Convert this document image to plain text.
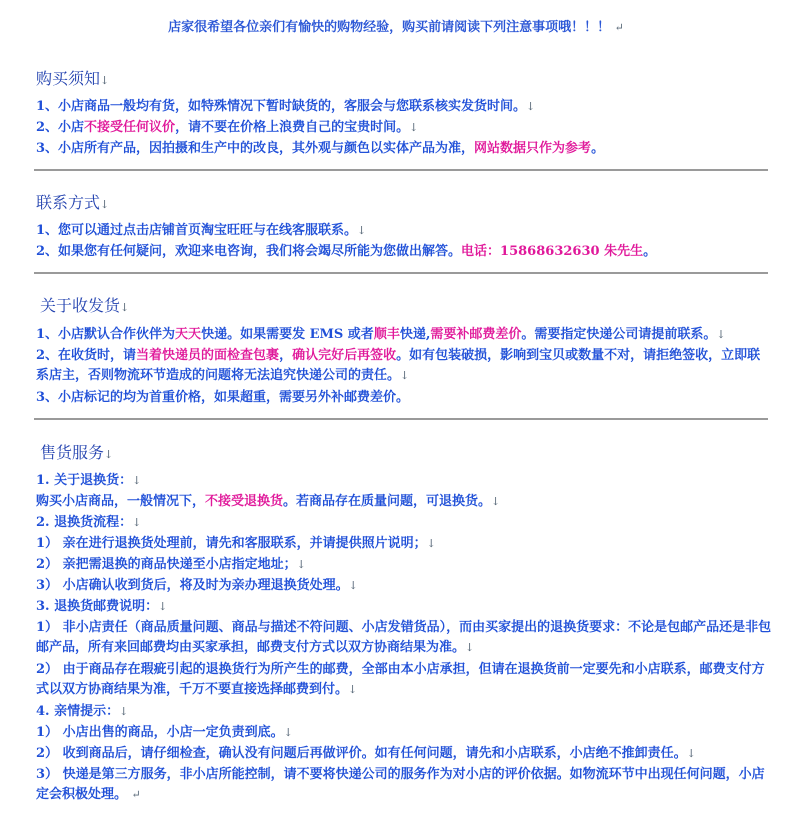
店家很希望各位亲们有愉快的购物经验，购买前请阅读下列注意事项哦！！！ ↵
购买须知↓
1、小店商品一般均有货，如特殊情况下暂时缺货的，客服会与您联系核实发货时间。↓
2、小店不接受任何议价，请不要在价格上浪费自己的宝贵时间。↓
3、小店所有产品，因拍摄和生产中的改良，其外观与颜色以实体产品为准，网站数据只作为参考。
联系方式↓
1、您可以通过点击店铺首页淘宝旺旺与在线客服联系。↓
2、如果您有任何疑问，欢迎来电咨询，我们将会竭尽所能为您做出解答。电话：15868632630 朱先生。
关于收发货↓
1、小店默认合作伙伴为天天快递。如果需要发 EMS 或者顺丰快递,需要补邮费差价。需要指定快递公司请提前联系。↓
2、在收货时，请当着快递员的面检查包裹，确认完好后再签收。如有包装破损，影响到宝贝或数量不对，请拒绝签收，立即联系店主，否则物流环节造成的问题将无法追究快递公司的责任。↓
3、小店标记的均为首重价格，如果超重，需要另外补邮费差价。
售货服务↓
1. 关于退换货：↓
购买小店商品，一般情况下，不接受退换货。若商品存在质量问题，可退换货。↓
2. 退换货流程：↓
1） 亲在进行退换货处理前，请先和客服联系，并请提供照片说明；↓
2） 亲把需退换的商品快递至小店指定地址；↓
3） 小店确认收到货后，将及时为亲办理退换货处理。↓
3. 退换货邮费说明：↓
1） 非小店责任（商品质量问题、商品与描述不符问题、小店发错货品），而由买家提出的退换货要求：不论是包邮产品还是非包邮产品，所有来回邮费均由买家承担，邮费支付方式以双方协商结果为准。↓
2） 由于商品存在瑕疵引起的退换货行为所产生的邮费，全部由本小店承担，但请在退换货前一定要先和小店联系，邮费支付方式以双方协商结果为准，千万不要直接选择邮费到付。↓
4. 亲情提示：↓
1） 小店出售的商品，小店一定负责到底。↓
2） 收到商品后，请仔细检查，确认没有问题后再做评价。如有任何问题，请先和小店联系，小店绝不推卸责任。↓
3） 快递是第三方服务，非小店所能控制，请不要将快递公司的服务作为对小店的评价依据。如物流环节中出现任何问题，小店定会积极处理。 ↵
